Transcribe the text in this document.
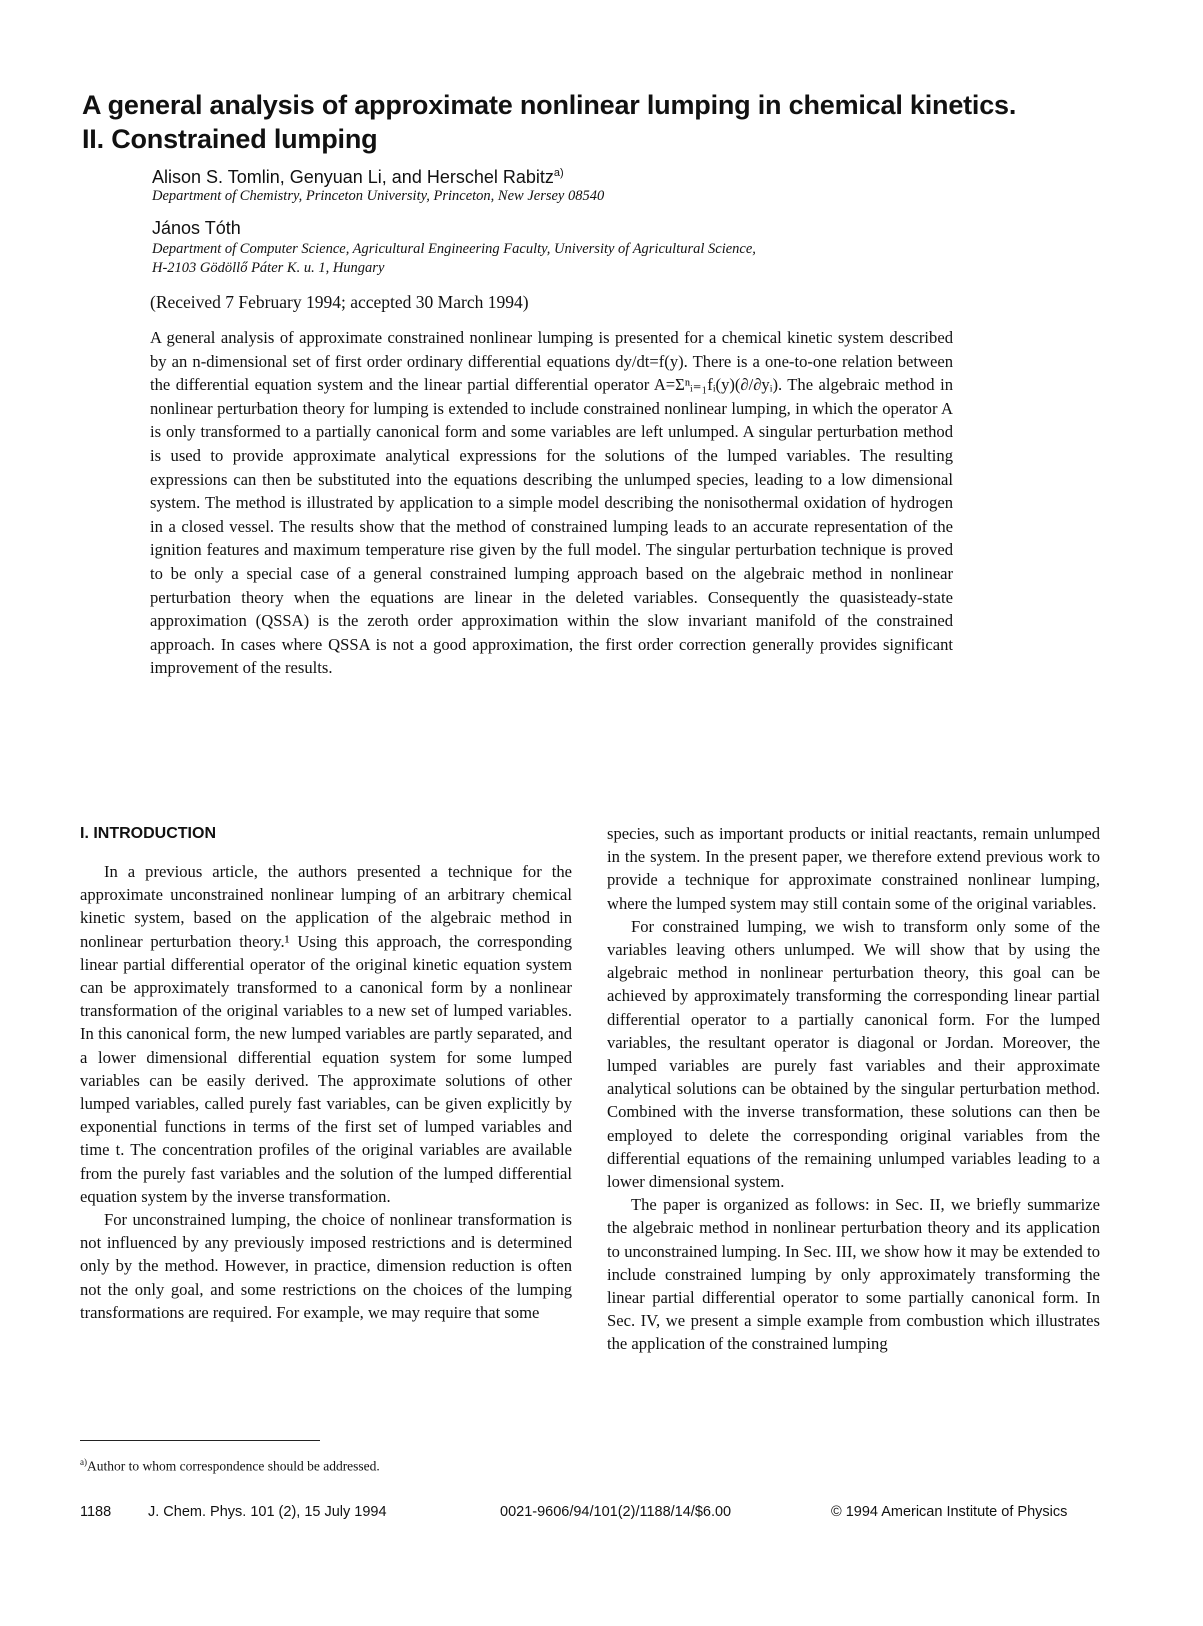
A general analysis of approximate nonlinear lumping in chemical kinetics.
II. Constrained lumping
Alison S. Tomlin, Genyuan Li, and Herschel Rabitz$^{a)}$
Department of Chemistry, Princeton University, Princeton, New Jersey 08540
János Tóth
Department of Computer Science, Agricultural Engineering Faculty, University of Agricultural Science,
H-2103 Gödöllő Páter K. u. 1, Hungary
(Received 7 February 1994; accepted 30 March 1994)
A general analysis of approximate constrained nonlinear lumping is presented for a chemical kinetic system described by an n-dimensional set of first order ordinary differential equations dy/dt=f(y). There is a one-to-one relation between the differential equation system and the linear partial differential operator A=Σⁿᵢ₌₁fᵢ(y)(∂/∂yᵢ). The algebraic method in nonlinear perturbation theory for lumping is extended to include constrained nonlinear lumping, in which the operator A is only transformed to a partially canonical form and some variables are left unlumped. A singular perturbation method is used to provide approximate analytical expressions for the solutions of the lumped variables. The resulting expressions can then be substituted into the equations describing the unlumped species, leading to a low dimensional system. The method is illustrated by application to a simple model describing the nonisothermal oxidation of hydrogen in a closed vessel. The results show that the method of constrained lumping leads to an accurate representation of the ignition features and maximum temperature rise given by the full model. The singular perturbation technique is proved to be only a special case of a general constrained lumping approach based on the algebraic method in nonlinear perturbation theory when the equations are linear in the deleted variables. Consequently the quasisteady-state approximation (QSSA) is the zeroth order approximation within the slow invariant manifold of the constrained approach. In cases where QSSA is not a good approximation, the first order correction generally provides significant improvement of the results.
I. INTRODUCTION

In a previous article, the authors presented a technique for the approximate unconstrained nonlinear lumping of an arbitrary chemical kinetic system, based on the application of the algebraic method in nonlinear perturbation theory.¹ Using this approach, the corresponding linear partial differential operator of the original kinetic equation system can be approximately transformed to a canonical form by a nonlinear transformation of the original variables to a new set of lumped variables. In this canonical form, the new lumped variables are partly separated, and a lower dimensional differential equation system for some lumped variables can be easily derived. The approximate solutions of other lumped variables, called purely fast variables, can be given explicitly by exponential functions in terms of the first set of lumped variables and time t. The concentration profiles of the original variables are available from the purely fast variables and the solution of the lumped differential equation system by the inverse transformation.

For unconstrained lumping, the choice of nonlinear transformation is not influenced by any previously imposed restrictions and is determined only by the method. However, in practice, dimension reduction is often not the only goal, and some restrictions on the choices of the lumping transformations are required. For example, we may require that some

species, such as important products or initial reactants, remain unlumped in the system. In the present paper, we therefore extend previous work to provide a technique for approximate constrained nonlinear lumping, where the lumped system may still contain some of the original variables.

For constrained lumping, we wish to transform only some of the variables leaving others unlumped. We will show that by using the algebraic method in nonlinear perturbation theory, this goal can be achieved by approximately transforming the corresponding linear partial differential operator to a partially canonical form. For the lumped variables, the resultant operator is diagonal or Jordan. Moreover, the lumped variables are purely fast variables and their approximate analytical solutions can be obtained by the singular perturbation method. Combined with the inverse transformation, these solutions can then be employed to delete the corresponding original variables from the differential equations of the remaining unlumped variables leading to a lower dimensional system.

The paper is organized as follows: in Sec. II, we briefly summarize the algebraic method in nonlinear perturbation theory and its application to unconstrained lumping. In Sec. III, we show how it may be extended to include constrained lumping by only approximately transforming the linear partial differential operator to some partially canonical form. In Sec. IV, we present a simple example from combustion which illustrates the application of the constrained lumping

$^{a)}$Author to whom correspondence should be addressed.
1188	J. Chem. Phys. 101 (2), 15 July 1994	0021-9606/94/101(2)/1188/14/$6.00	© 1994 American Institute of Physics
